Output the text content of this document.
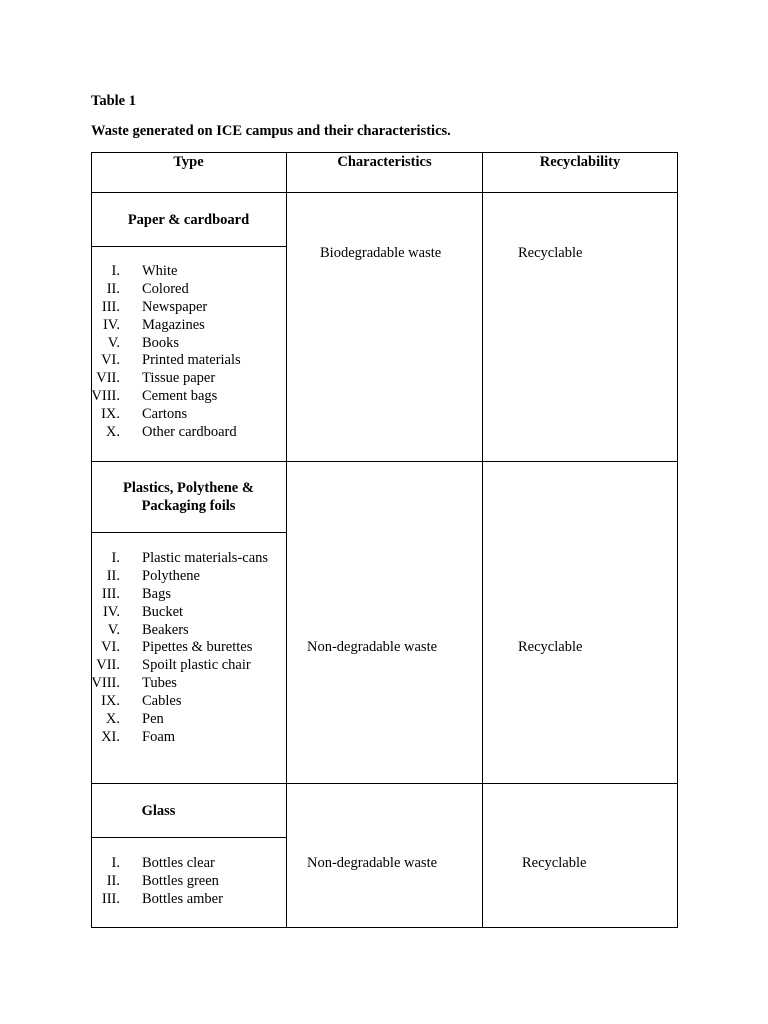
Table 1
Waste generated on ICE campus and their characteristics.
Type	Characteristics	Recyclability
Paper & cardboard
I. White
II. Colored
III. Newspaper
IV. Magazines
V. Books
VI. Printed materials
VII. Tissue paper
VIII. Cement bags
IX. Cartons
X. Other cardboard
Biodegradable waste	Recyclable
Plastics, Polythene & Packaging foils
I. Plastic materials-cans
II. Polythene
III. Bags
IV. Bucket
V. Beakers
VI. Pipettes & burettes
VII. Spoilt plastic chair
VIII. Tubes
IX. Cables
X. Pen
XI. Foam
Non-degradable waste	Recyclable
Glass
I. Bottles clear
II. Bottles green
III. Bottles amber
Non-degradable waste	Recyclable
